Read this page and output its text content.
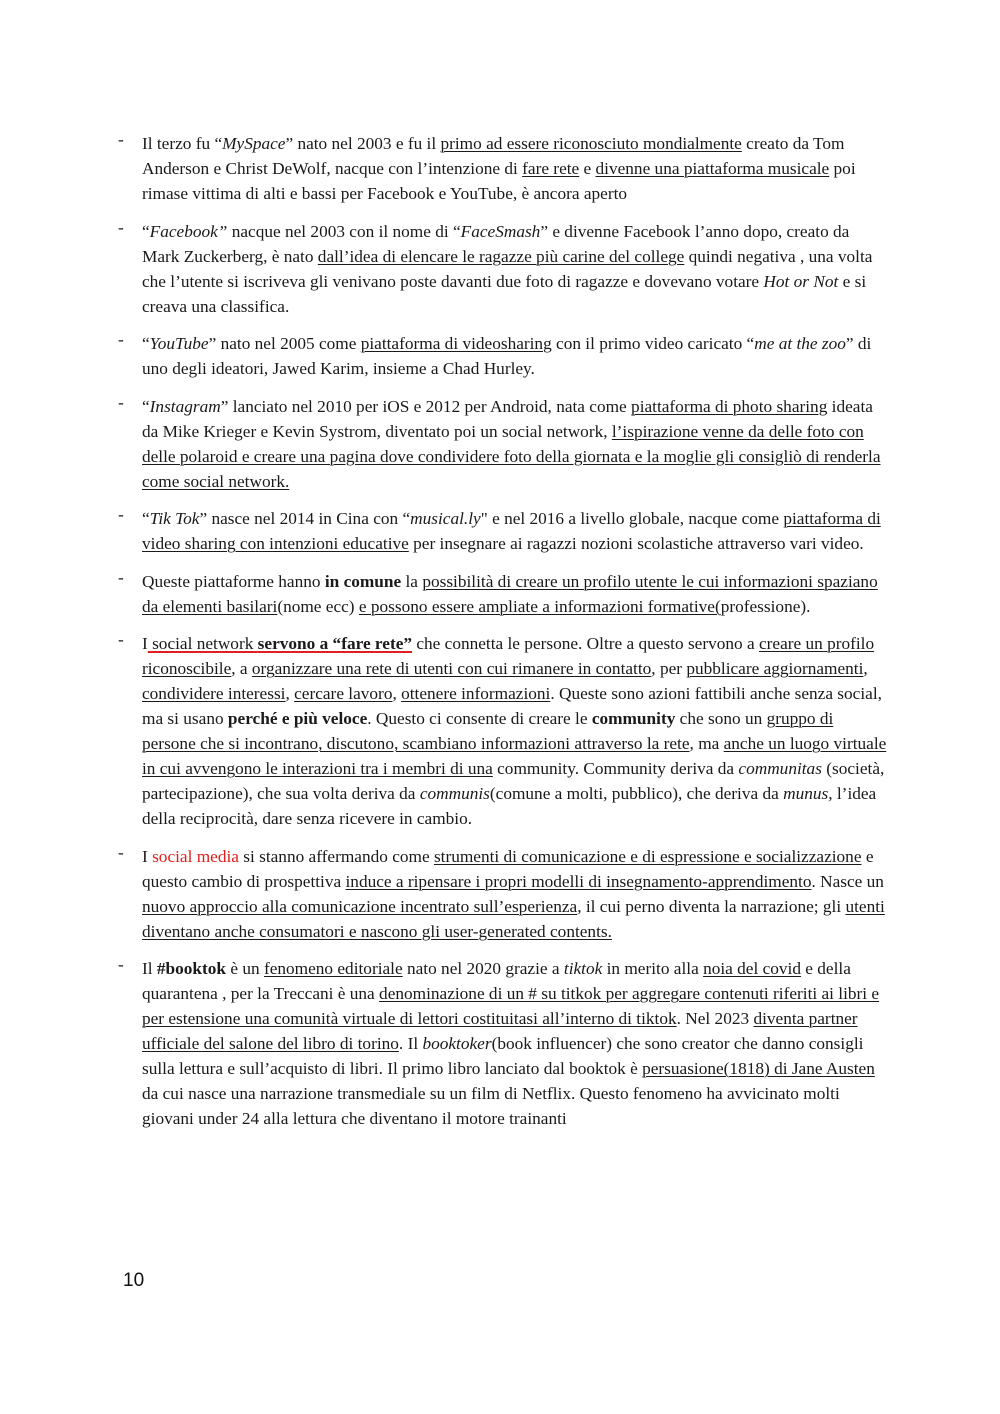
- Il terzo fu “MySpace” nato nel 2003 e fu il primo ad essere riconosciuto mondialmente creato da Tom Anderson e Christ DeWolf, nacque con l’intenzione di fare rete e divenne una piattaforma musicale poi rimase vittima di alti e bassi per Facebook e YouTube, è ancora aperto
- “Facebook” nacque nel 2003 con il nome di “FaceSmash” e divenne Facebook l’anno dopo, creato da Mark Zuckerberg, è nato dall’idea di elencare le ragazze più carine del college quindi negativa , una volta che l’utente si iscriveva gli venivano poste davanti due foto di ragazze e dovevano votare Hot or Not e si creava una classifica.
- “YouTube” nato nel 2005 come piattaforma di videosharing con il primo video caricato “me at the zoo” di uno degli ideatori, Jawed Karim, insieme a Chad Hurley.
- “Instagram” lanciato nel 2010 per iOS e 2012 per Android, nata come piattaforma di photo sharing ideata da Mike Krieger e Kevin Systrom, diventato poi un social network, l’ispirazione venne da delle foto con delle polaroid e creare una pagina dove condividere foto della giornata e la moglie gli consigliò di renderla come social network.
- “Tik Tok” nasce nel 2014 in Cina con “musical.ly" e nel 2016 a livello globale, nacque come piattaforma di video sharing con intenzioni educative per insegnare ai ragazzi nozioni scolastiche attraverso vari video.
- Queste piattaforme hanno in comune la possibilità di creare un profilo utente le cui informazioni spaziano da elementi basilari(nome ecc) e possono essere ampliate a informazioni formative(professione).
- I social network servono a “fare rete” che connetta le persone. Oltre a questo servono a creare un profilo riconoscibile, a organizzare una rete di utenti con cui rimanere in contatto, per pubblicare aggiornamenti, condividere interessi, cercare lavoro, ottenere informazioni. Queste sono azioni fattibili anche senza social, ma si usano perché e più veloce. Questo ci consente di creare le community che sono un gruppo di persone che si incontrano, discutono, scambiano informazioni attraverso la rete, ma anche un luogo virtuale in cui avvengono le interazioni tra i membri di una community. Community deriva da communitas (società, partecipazione), che sua volta deriva da communis(comune a molti, pubblico), che deriva da munus, l’idea della reciprocità, dare senza ricevere in cambio.
- I social media si stanno affermando come strumenti di comunicazione e di espressione e socializzazione e questo cambio di prospettiva induce a ripensare i propri modelli di insegnamento-apprendimento. Nasce un nuovo approccio alla comunicazione incentrato sull’esperienza, il cui perno diventa la narrazione; gli utenti diventano anche consumatori e nascono gli user-generated contents.
- Il #booktok è un fenomeno editoriale nato nel 2020 grazie a tiktok in merito alla noia del covid e della quarantena , per la Treccani è una denominazione di un # su titkok per aggregare contenuti riferiti ai libri e per estensione una comunità virtuale di lettori costituitasi all’interno di tiktok. Nel 2023 diventa partner ufficiale del salone del libro di torino. Il booktoker(book influencer) che sono creator che danno consigli sulla lettura e sull’acquisto di libri. Il primo libro lanciato dal booktok è persuasione(1818) di Jane Austen da cui nasce una narrazione transmediale su un film di Netflix. Questo fenomeno ha avvicinato molti giovani under 24 alla lettura che diventano il motore trainanti
10
